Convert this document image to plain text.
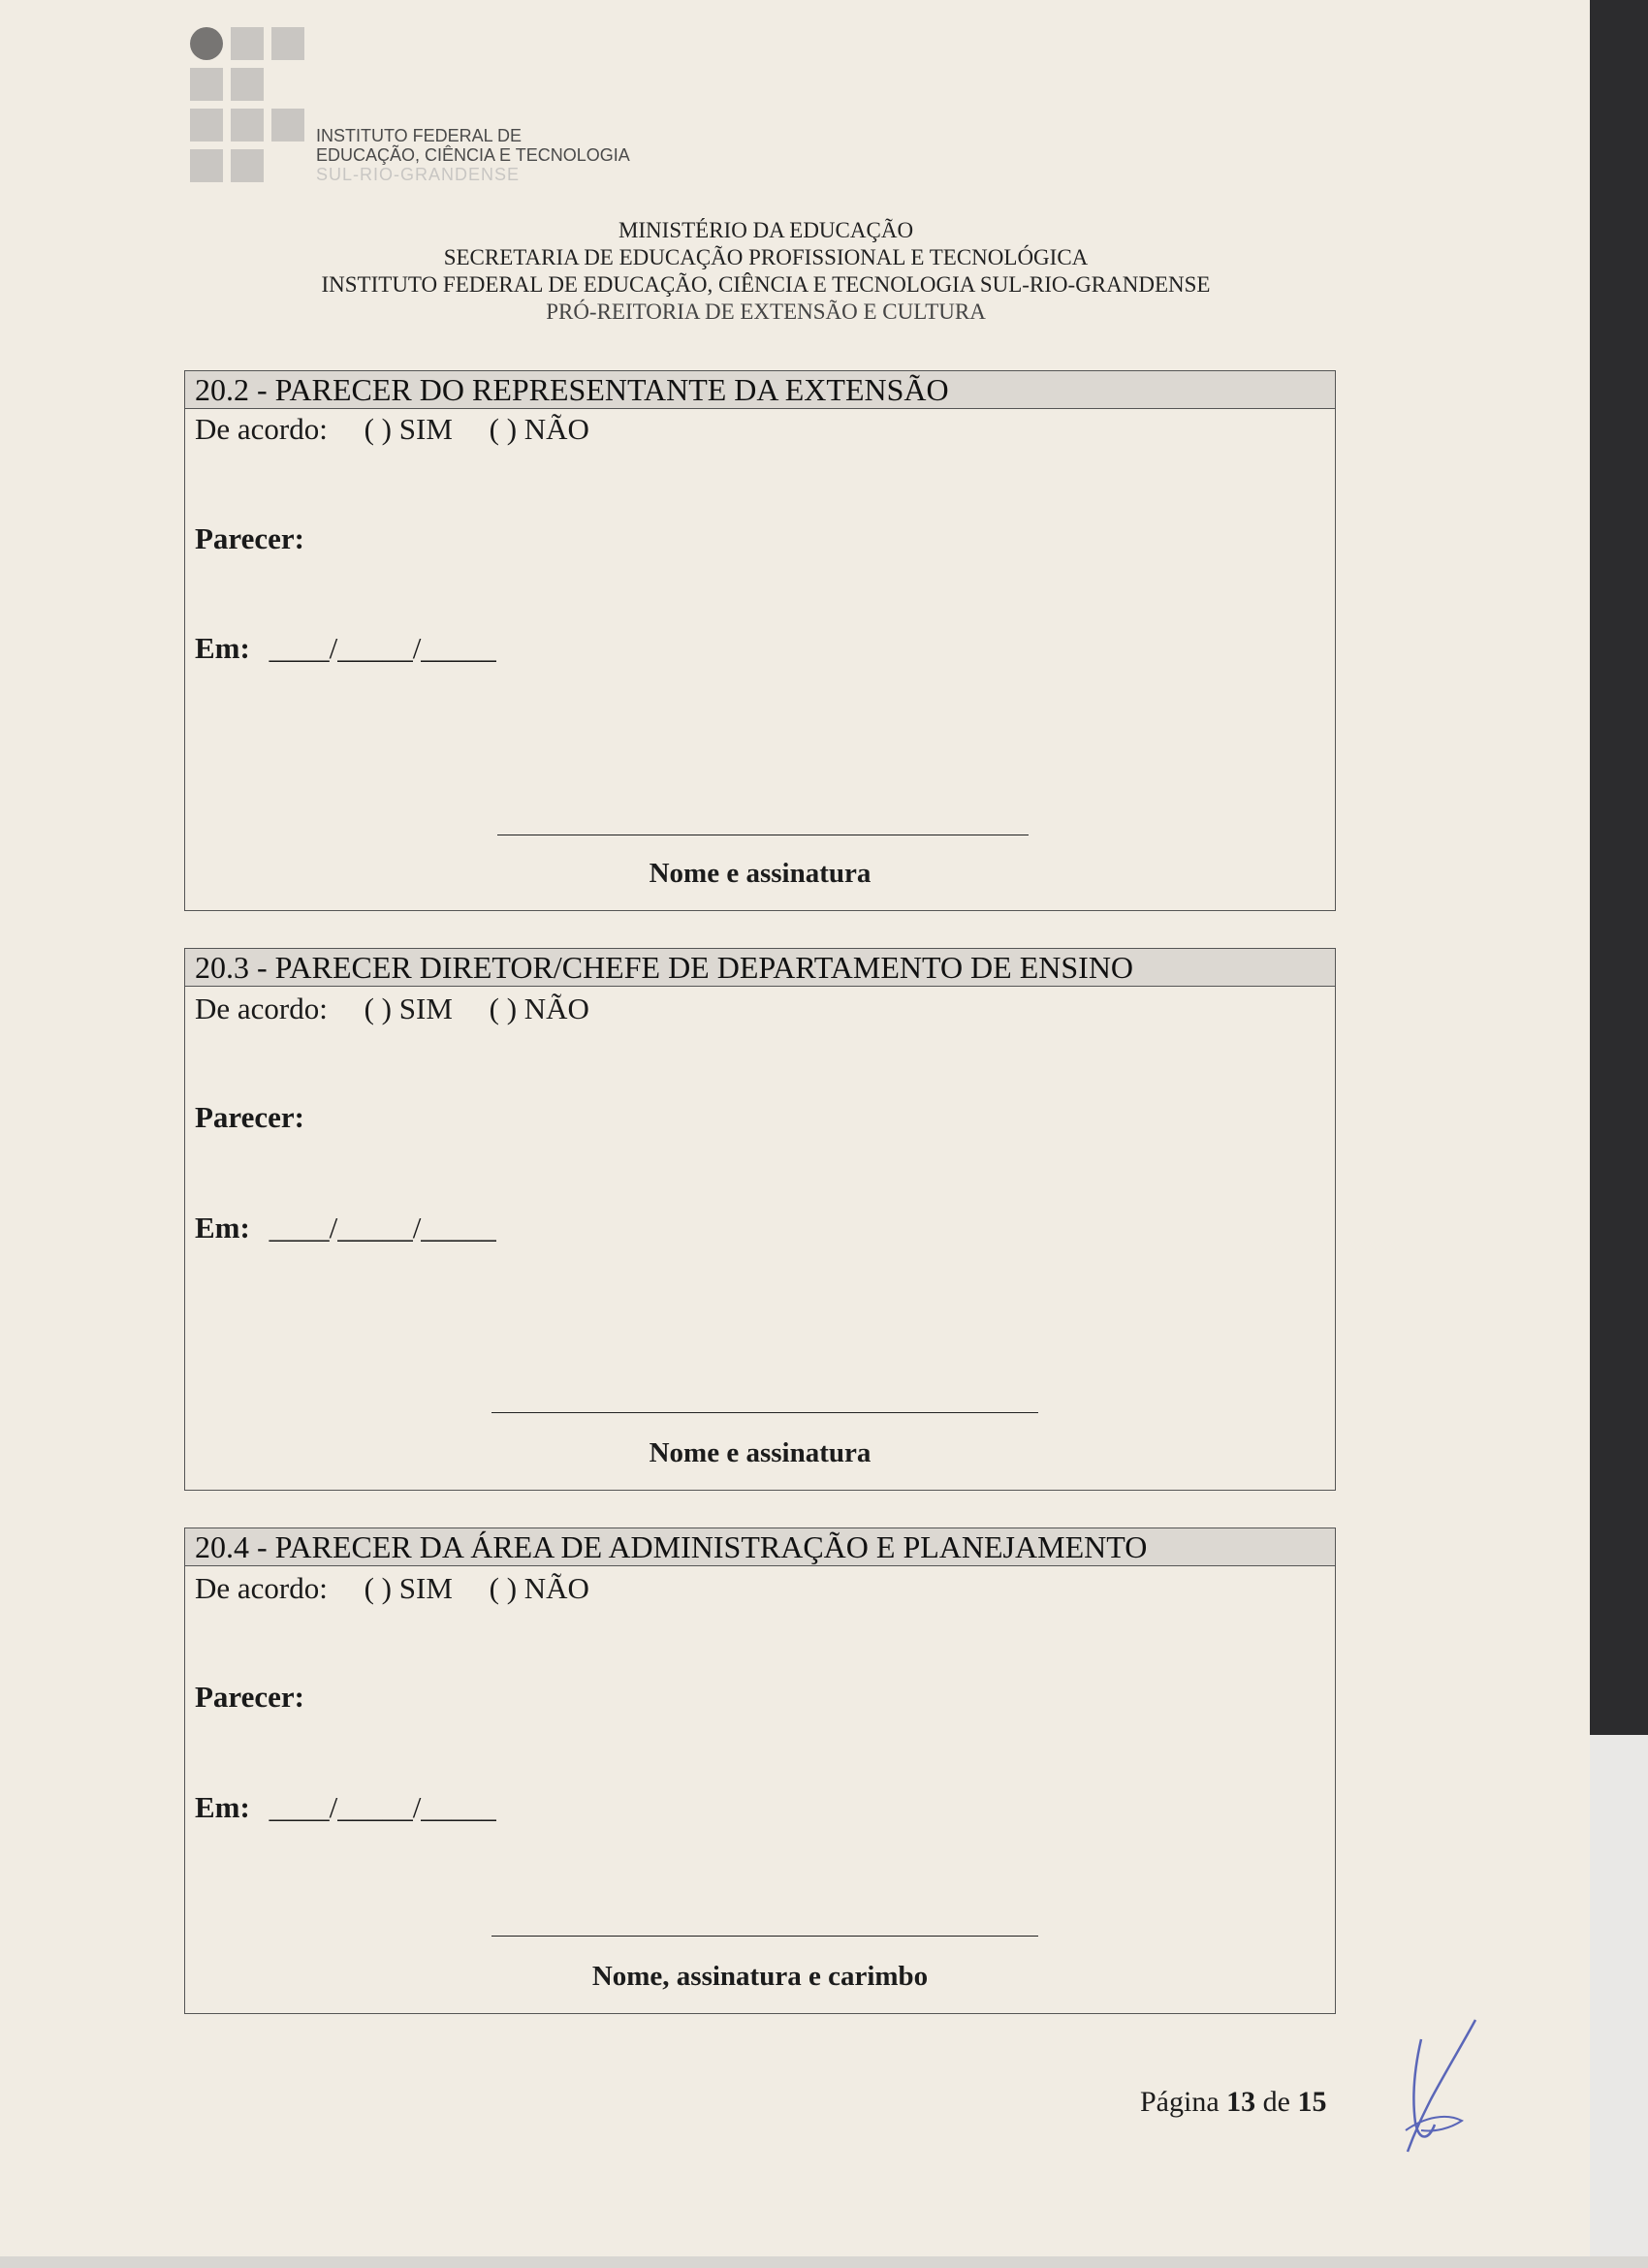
INSTITUTO FEDERAL DE
EDUCAÇÃO, CIÊNCIA E TECNOLOGIA
SUL-RIO-GRANDENSE
MINISTÉRIO DA EDUCAÇÃO
SECRETARIA DE EDUCAÇÃO PROFISSIONAL E TECNOLÓGICA
INSTITUTO FEDERAL DE EDUCAÇÃO, CIÊNCIA E TECNOLOGIA SUL-RIO-GRANDENSE
PRÓ-REITORIA DE EXTENSÃO E CULTURA
20.2 - PARECER DO REPRESENTANTE DA EXTENSÃO
De acordo: ( ) SIM ( ) NÃO
Parecer:
Em: ____/_____/_____
Nome e assinatura
20.3 - PARECER DIRETOR/CHEFE DE DEPARTAMENTO DE ENSINO
De acordo: ( ) SIM ( ) NÃO
Parecer:
Em: ____/_____/_____
Nome e assinatura
20.4 - PARECER DA ÁREA DE ADMINISTRAÇÃO E PLANEJAMENTO
De acordo: ( ) SIM ( ) NÃO
Parecer:
Em: ____/_____/_____
Nome, assinatura e carimbo
Página 13 de 15
